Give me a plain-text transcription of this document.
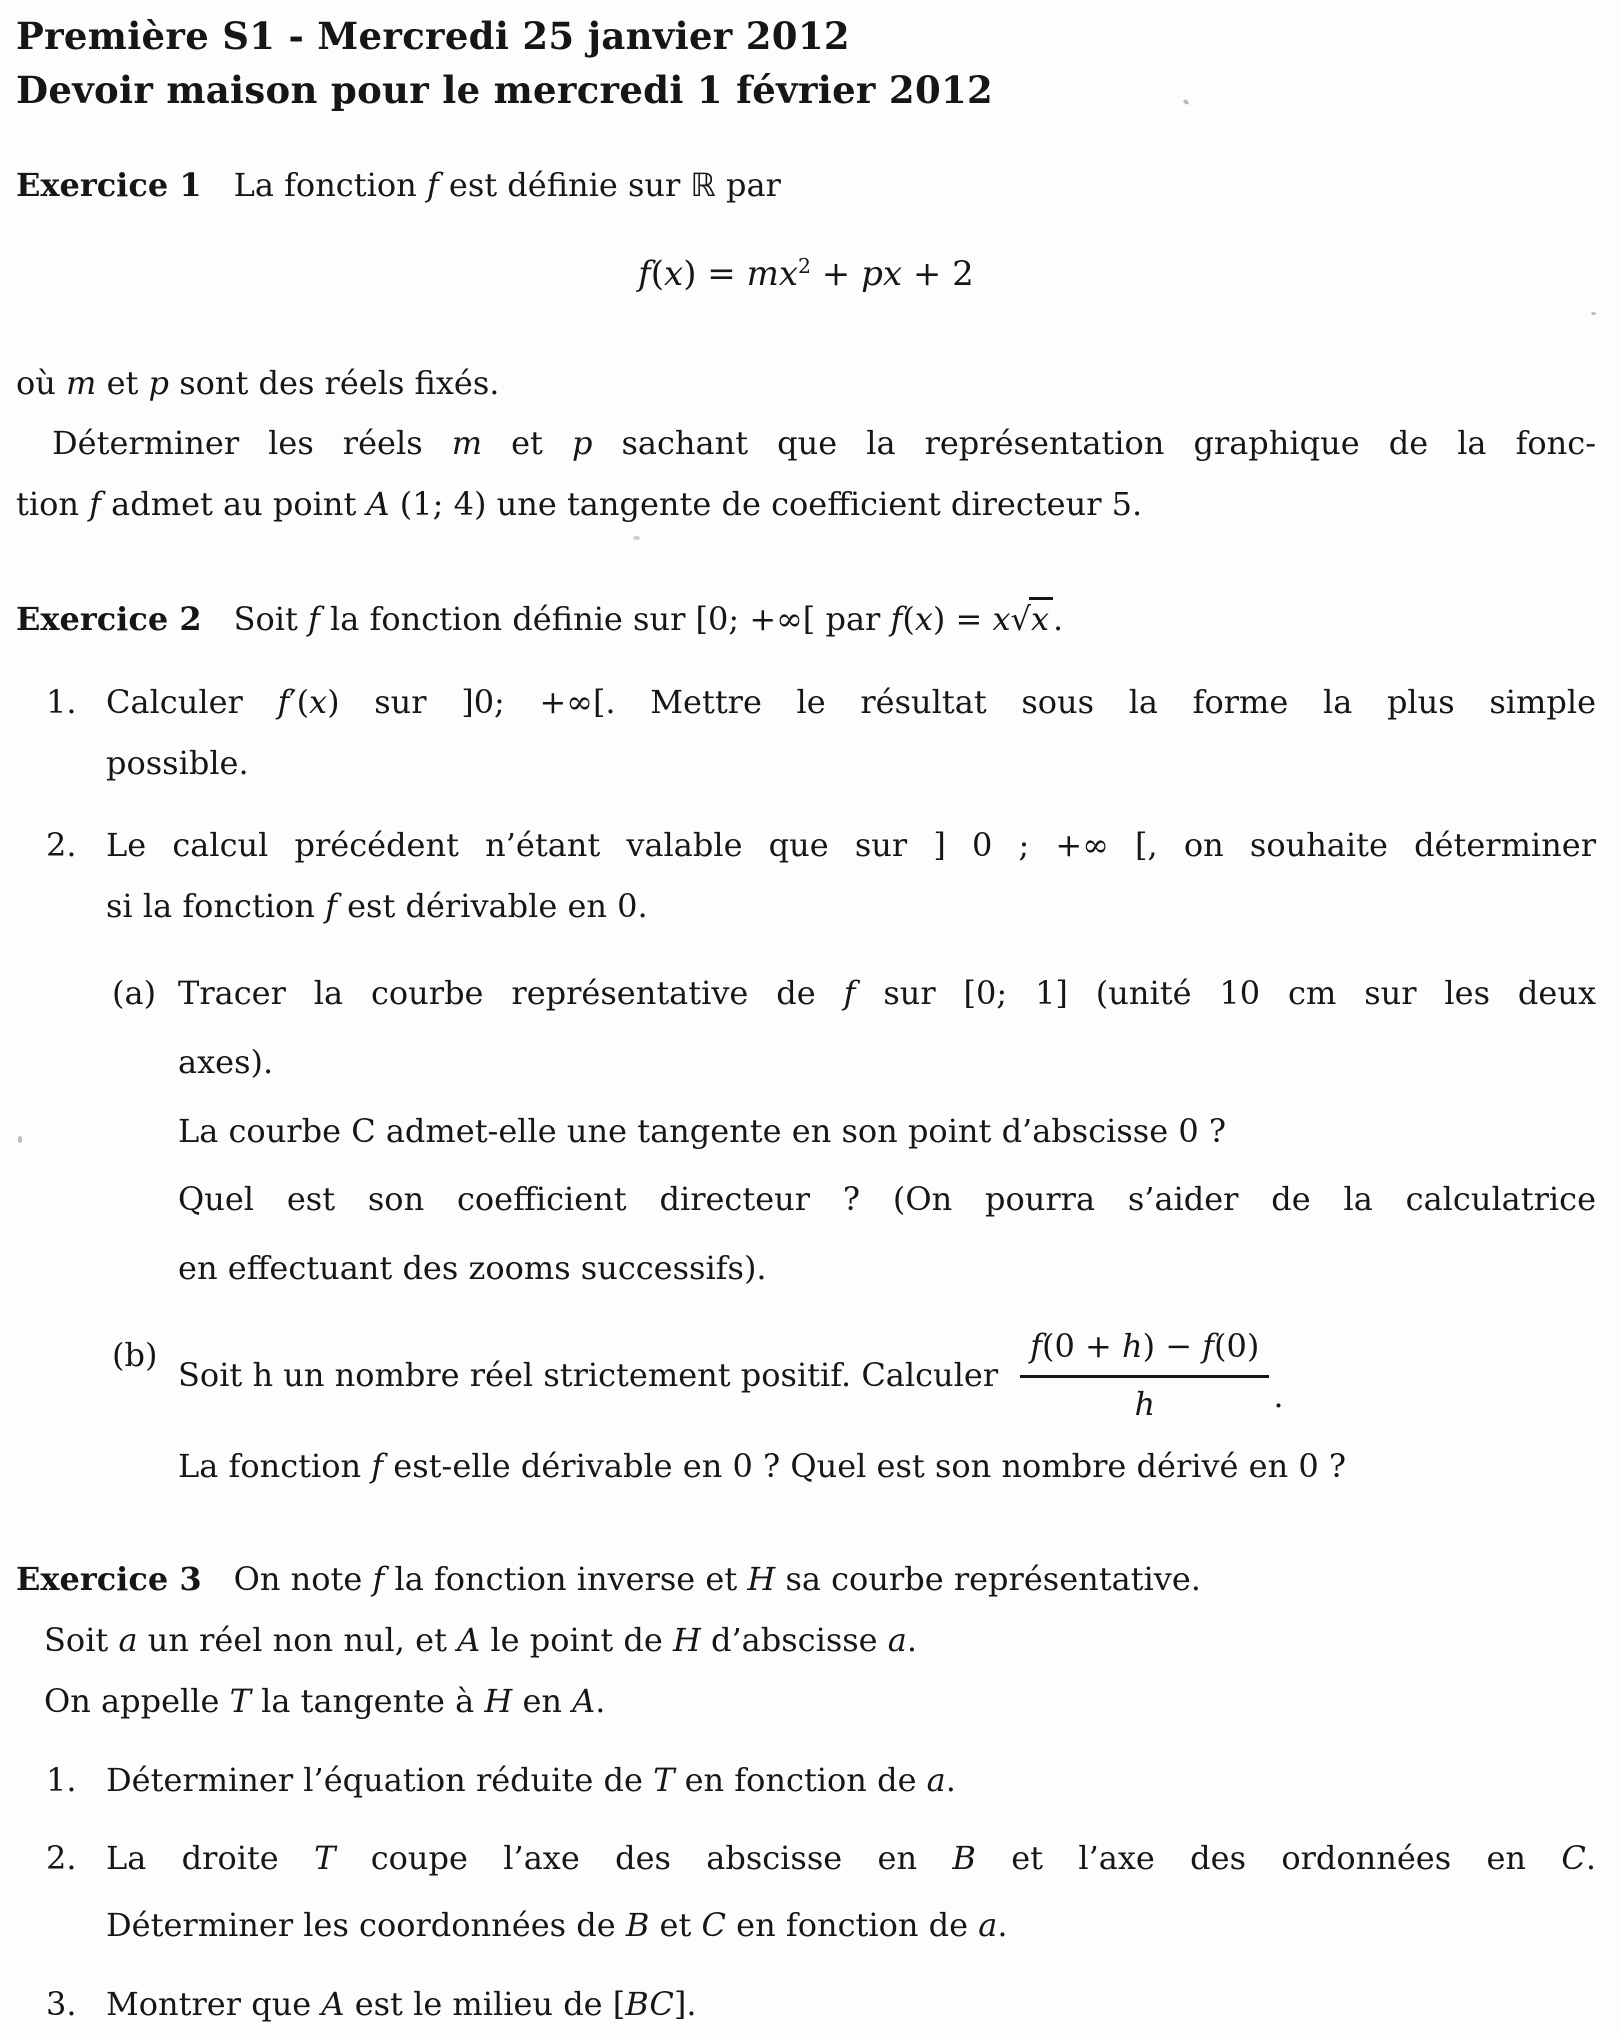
Première S1 - Mercredi 25 janvier 2012
Devoir maison pour le mercredi 1 février 2012
Exercice 1 La fonction f est définie sur ℝ par
$f(x) = mx^2$ + px + 2
où m et p sont des réels fixés.
Déterminer les réels m et p sachant que la représentation graphique de la fonc-
tion f admet au point A (1; 4) une tangente de coefficient directeur 5.
Exercice 2 Soit f la fonction définie sur [0; +∞[ par f(x) = x√x .
1. Calculer f′(x) sur ]0; +∞[. Mettre le résultat sous la forme la plus simple
possible.
2. Le calcul précédent n’étant valable que sur ] 0 ; +∞ [, on souhaite déterminer
si la fonction f est dérivable en 0.
(a) Tracer la courbe représentative de f sur [0; 1] (unité 10 cm sur les deux
axes).
La courbe C admet-elle une tangente en son point d’abscisse 0 ?
Quel est son coefficient directeur ? (On pourra s’aider de la calculatrice
en effectuant des zooms successifs).
(b)
Soit h un nombre réel strictement positif. Calculer $\frac{f(0 + h) - f(0)}{h}$ .
La fonction f est-elle dérivable en 0 ? Quel est son nombre dérivé en 0 ?
Exercice 3 On note f la fonction inverse et H sa courbe représentative.
Soit a un réel non nul, et A le point de H d’abscisse a.
On appelle T la tangente à H en A.
1. Déterminer l’équation réduite de T en fonction de a.
2. La droite T coupe l’axe des abscisse en B et l’axe des ordonnées en C.
Déterminer les coordonnées de B et C en fonction de a.
3. Montrer que A est le milieu de [BC].
